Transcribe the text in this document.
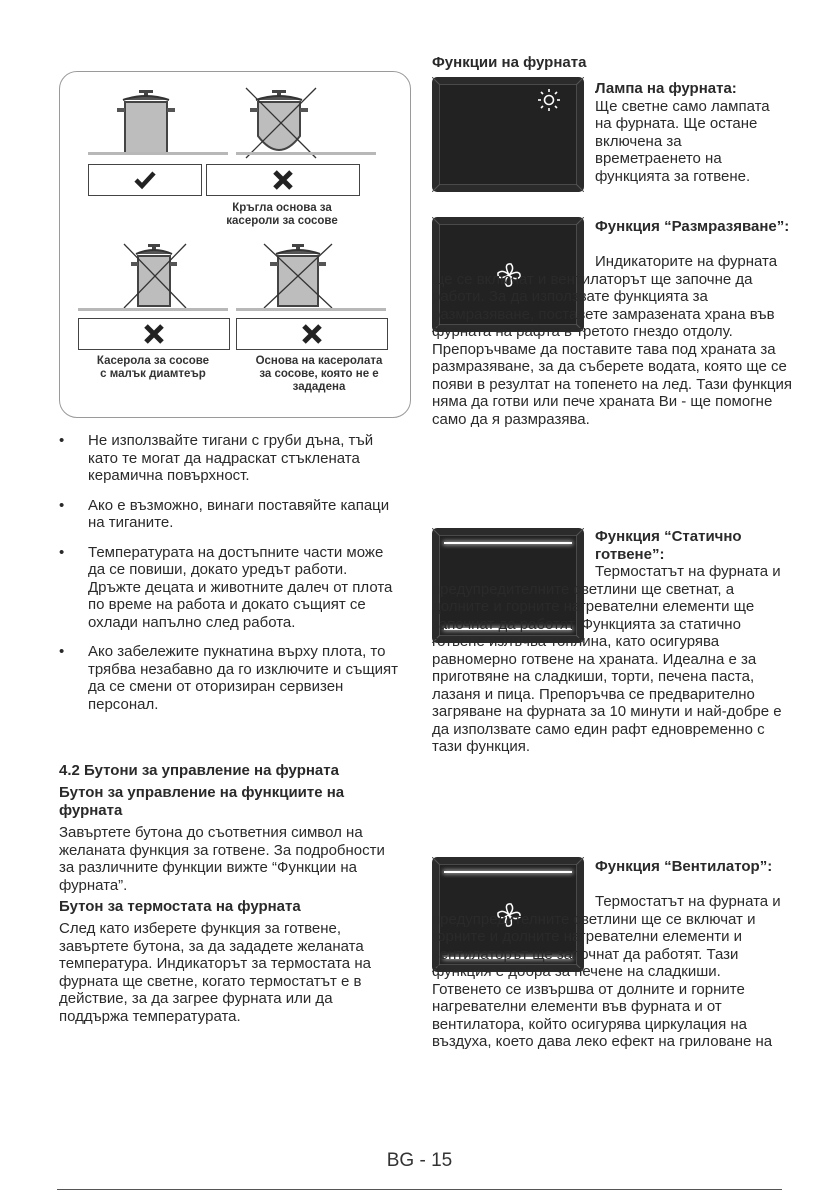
Кръгла основа за
касероли за сосове
Касерола за сосове
с малък диамтеър
Основа на касеролата
за сосове, която не е
зададена
• Не използвайте тигани с груби дъна, тъй като те могат да надраскат стъклената керамична повърхност.
• Ако е възможно, винаги поставяйте капаци на тиганите.
• Температурата на достъпните части може да се повиши, докато уредът работи. Дръжте децата и животните далеч от плота по време на работа и докато същият се охлади напълно след работа.
• Ако забележите пукнатина върху плота, то трябва незабавно да го изключите и същият да се смени от оторизиран сервизен персонал.
4.2 Бутони за управление на фурната
Бутон за управление на функциите на фурната
Завъртете бутона до съответния символ на желаната функция за готвене. За подробности за различните функции вижте “Функции на фурната”.
Бутон за термостата на фурната
След като изберете функция за готвене, завъртете бутона, за да зададете желаната температура. Индикаторът за термостата на фурната ще светне, когато термостатът е в действие, за да загрее фурната или да поддържа температурата.
Функции на фурната
Лампа на фурната:
Ще светне само лампата на фурната. Ще остане включена за времетраенето на функцията за готвене.
Функция “Размразяване”:
Индикаторите на фурната ще се включат и вентилаторът ще започне да работи. За да използвате функцията за размразяване, поставете замразената храна във фурната на рафта в третото гнездо отдолу. Препоръчваме да поставите тава под храната за размразяване, за да съберете водата, която ще се появи в резултат на топенето на лед. Тази функция няма да готви или пече храната Ви - ще помогне само да я размразява.
Функция “Статично готвене”:
Термостатът на фурната и предупредителните светлини ще светнат, а долните и горните нагревателни елементи ще започнат да работят. Функцията за статично готвене излъчва топлина, като осигурява равномерно готвене на храната. Идеална е за приготвяне на сладкиши, торти, печена паста, лазаня и пица. Препоръчва се предварително загряване на фурната за 10 минути и най-добре е да използвате само един рафт едновременно с тази функция.
Функция “Вентилатор”:
Термостатът на фурната и предупредителните светлини ще се включат и горните и долните нагревателни елементи и вентилаторът ще започнат да работят. Тази функция е добра за печене на сладкиши. Готвенето се извършва от долните и горните нагревателни елементи във фурната и от вентилатора, който осигурява циркулация на въздуха, което дава леко ефект на гриловане на
BG - 15
